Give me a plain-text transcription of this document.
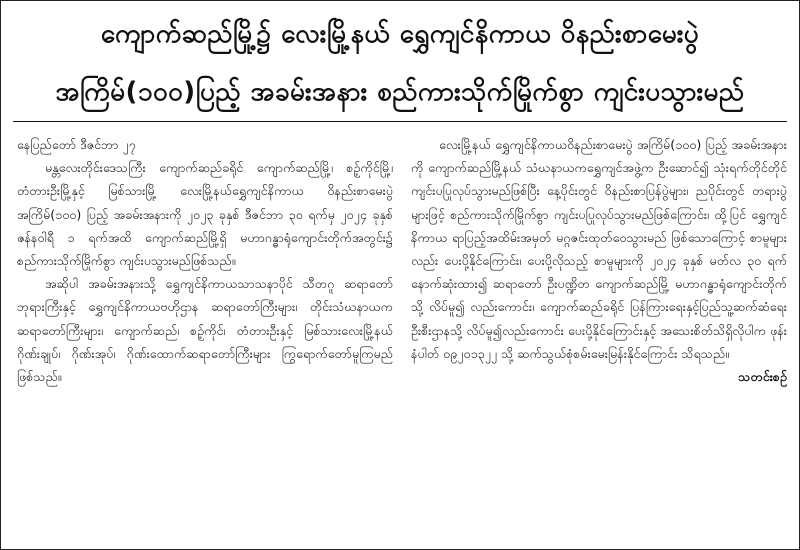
ကျောက်ဆည်မြို့၌ လေးမြို့နယ် ရွှေကျင်နိကာယ ဝိနည်းစာမေးပွဲ
အကြိမ်(၁၀၀)ပြည့် အခမ်းအနား စည်ကားသိုက်မြိုက်စွာ ကျင်းပသွားမည်

နေပြည်တော် ဒီဇင်ဘာ ၂၇

မန္တလေးတိုင်းဒေသကြီး ကျောက်ဆည်ခရိုင် ကျောက်ဆည်မြို့၊ စဉ့်ကိုင်မြို့၊ တံတားဦးမြို့နှင့် မြစ်သားမြို့ လေးမြို့နယ်ရွှေကျင်နိကာယ ဝိနည်းစာမေးပွဲအကြိမ်(၁၀၀) ပြည့် အခမ်းအနားကို ၂၀၂၃ ခုနှစ် ဒီဇင်ဘာ ၃၀ ရက်မှ ၂၀၂၄ ခုနှစ် ဇန်နဝါရီ ၁ ရက်အထိ ကျောက်ဆည်မြို့ရှိ မဟာဂန္ဓာရုံကျောင်းတိုက်အတွင်း၌ စည်ကားသိုက်မြိုက်စွာ ကျင်းပသွားမည်ဖြစ်သည်။

အဆိုပါ အခမ်းအနားသို့ ရွှေကျင်နိကာယသာသနာပိုင် သီတဂူ ဆရာတော်ဘုရားကြီးနှင့် ရွှေကျင်နိကာယဗဟိုဌာန ဆရာတော်ကြီးများ၊ တိုင်းသံဃနာယကဆရာတော်ကြီးများ၊ ကျောက်ဆည်၊ စဉ့်ကိုင်၊ တံတားဦးနှင့် မြစ်သားလေးမြို့နယ် ဂိုဏ်းချုပ်၊ ဂိုဏ်းအုပ်၊ ဂိုဏ်းထောက်ဆရာတော်ကြီးများ ကြွရောက်တော်မူကြမည် ဖြစ်သည်။

လေးမြို့နယ် ရွှေကျင်နိကာယဝိနည်းစာမေးပွဲ အကြိမ်(၁၀၀) ပြည့် အခမ်းအနားကို ကျောက်ဆည်မြို့နယ် သံဃနာယကရွှေကျင်အဖွဲ့က ဦးဆောင်၍ သုံးရက်တိုင်တိုင် ကျင်းပပြုလုပ်သွားမည်ဖြစ်ပြီး နေ့ပိုင်းတွင် ဝိနည်းစာပြန်ပွဲများ၊ ညပိုင်းတွင် တရားပွဲများဖြင့် စည်ကားသိုက်မြိုက်စွာ ကျင်းပပြုလုပ်သွားမည်ဖြစ်ကြောင်း၊ ထို့ပြင် ရွှေကျင်နိကာယ ရာပြည့်အထိမ်းအမှတ် မဂ္ဂဇင်းထုတ်ဝေသွားမည် ဖြစ်သောကြောင့် စာမူများလည်း ပေးပို့နိုင်ကြောင်း၊ ပေးပို့လိုသည့် စာမူများကို ၂၀၂၄ ခုနှစ် မတ်လ ၃၀ ရက်နောက်ဆုံးထား၍ ဆရာတော် ဦးပဏ္ဍိတ ကျောက်ဆည်မြို့ မဟာဂန္ဓာရုံကျောင်းတိုက်သို့ လိပ်မူ၍ လည်းကောင်း၊ ကျောက်ဆည်ခရိုင် ပြန်ကြားရေးနှင့်ပြည်သူ့ဆက်ဆံရေးဦးစီးဌာနသို့ လိပ်မူ၍လည်းကောင်း ပေးပို့နိုင်ကြောင်းနှင့် အသေးစိတ်သိရှိလိုပါက ဖုန်းနံပါတ် ၀၉၂၀၁၃၂၂ သို့ ဆက်သွယ်စုံစမ်းမေးမြန်းနိုင်ကြောင်း သိရသည်။

သတင်းစဉ်
